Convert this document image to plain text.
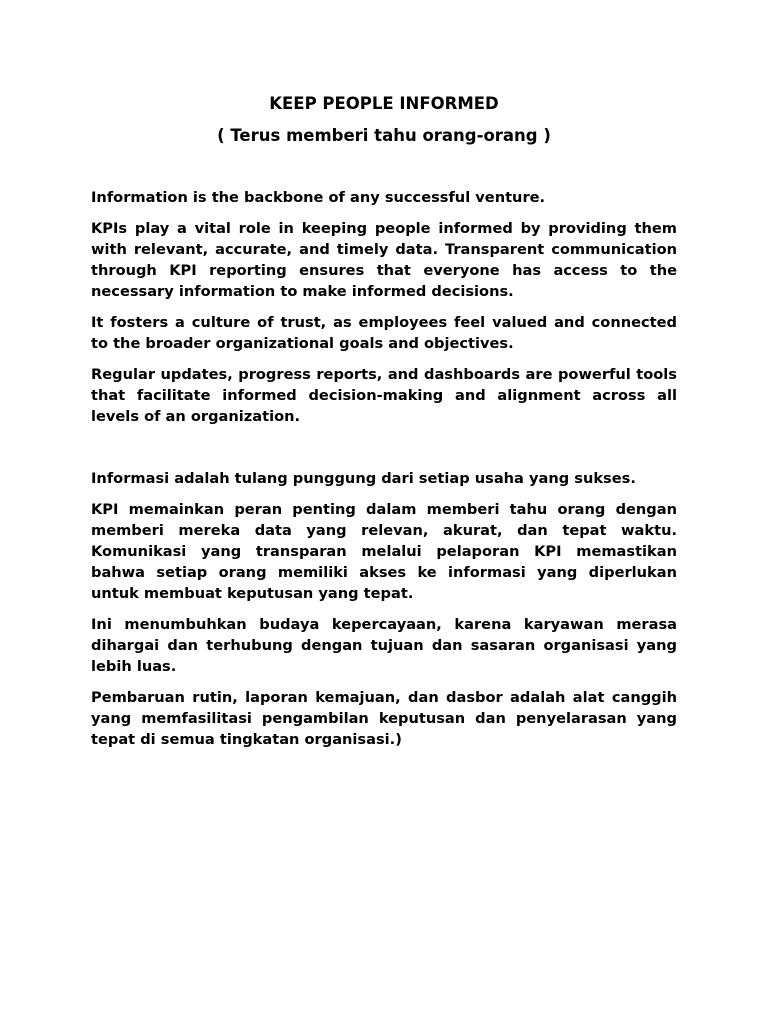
KEEP PEOPLE INFORMED
( Terus memberi tahu orang-orang )

Information is the backbone of any successful venture.

KPIs play a vital role in keeping people informed by providing them with relevant, accurate, and timely data. Transparent communication through KPI reporting ensures that everyone has access to the necessary information to make informed decisions.

It fosters a culture of trust, as employees feel valued and connected to the broader organizational goals and objectives.

Regular updates, progress reports, and dashboards are powerful tools that facilitate informed decision-making and alignment across all levels of an organization.

Informasi adalah tulang punggung dari setiap usaha yang sukses.

KPI memainkan peran penting dalam memberi tahu orang dengan memberi mereka data yang relevan, akurat, dan tepat waktu. Komunikasi yang transparan melalui pelaporan KPI memastikan bahwa setiap orang memiliki akses ke informasi yang diperlukan untuk membuat keputusan yang tepat.

Ini menumbuhkan budaya kepercayaan, karena karyawan merasa dihargai dan terhubung dengan tujuan dan sasaran organisasi yang lebih luas.

Pembaruan rutin, laporan kemajuan, dan dasbor adalah alat canggih yang memfasilitasi pengambilan keputusan dan penyelarasan yang tepat di semua tingkatan organisasi.)
